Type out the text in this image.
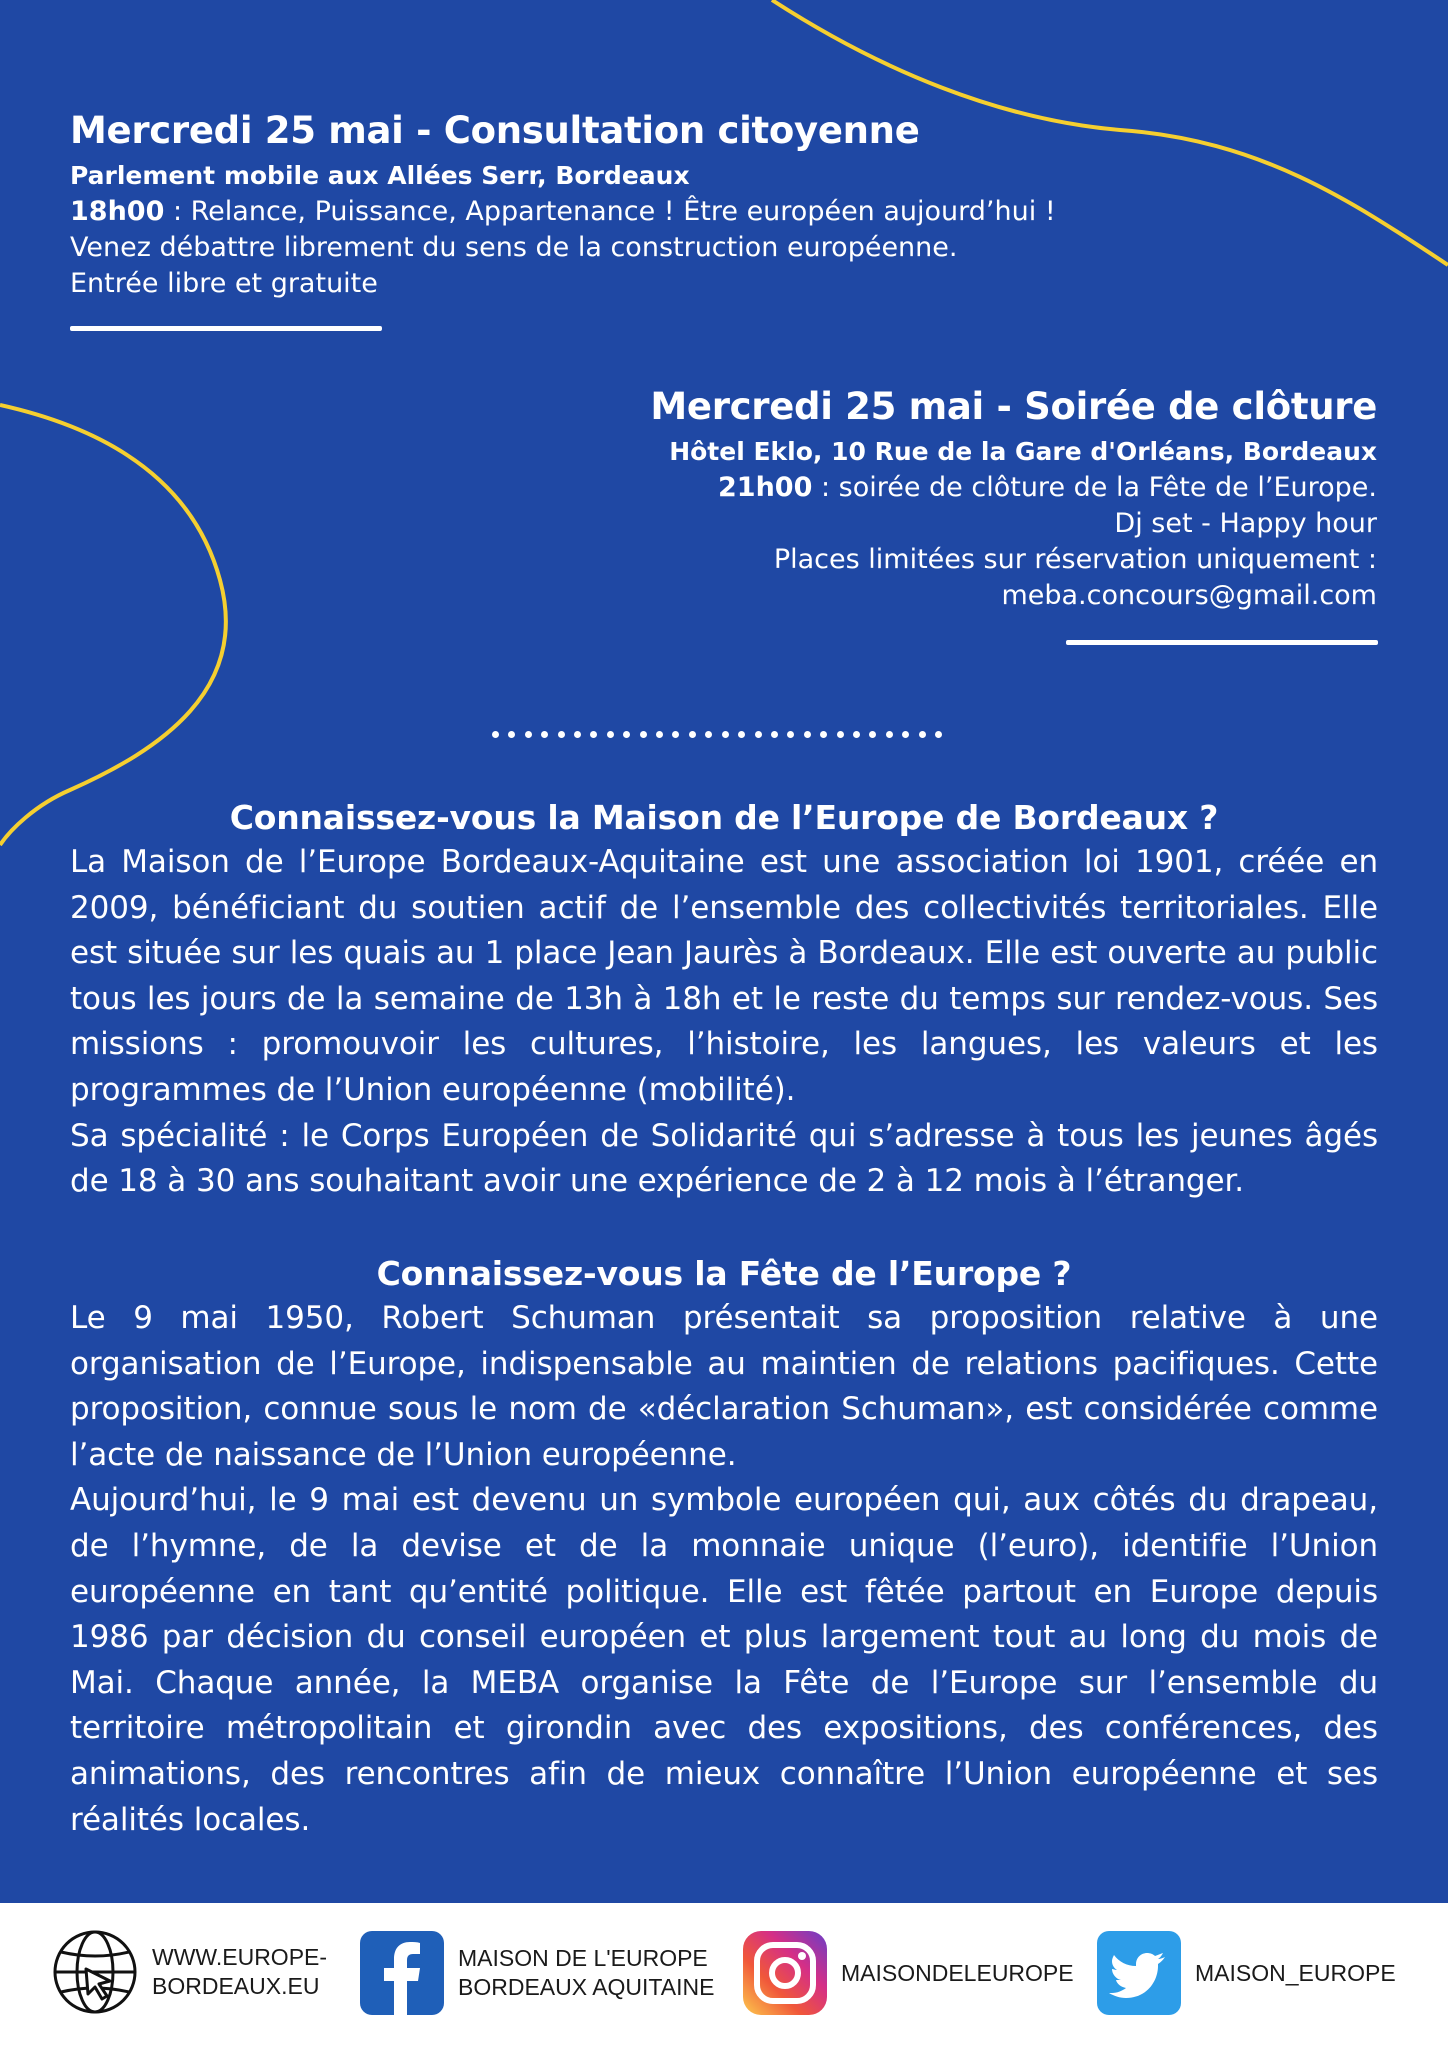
Mercredi 25 mai - Consultation citoyenne
Parlement mobile aux Allées Serr, Bordeaux
18h00 : Relance, Puissance, Appartenance ! Être européen aujourd’hui !
Venez débattre librement du sens de la construction européenne.
Entrée libre et gratuite
Mercredi 25 mai - Soirée de clôture
Hôtel Eklo, 10 Rue de la Gare d'Orléans, Bordeaux
21h00 : soirée de clôture de la Fête de l’Europe.
Dj set - Happy hour
Places limitées sur réservation uniquement :
meba.concours@gmail.com
Connaissez-vous la Maison de l’Europe de Bordeaux ?

La Maison de l’Europe Bordeaux-Aquitaine est une association loi 1901, créée en 2009, bénéficiant du soutien actif de l’ensemble des collectivités territoriales. Elle est située sur les quais au 1 place Jean Jaurès à Bordeaux. Elle est ouverte au public tous les jours de la semaine de 13h à 18h et le reste du temps sur rendez-vous. Ses missions : promouvoir les cultures, l’histoire, les langues, les valeurs et les programmes de l’Union européenne (mobilité).

Sa spécialité : le Corps Européen de Solidarité qui s’adresse à tous les jeunes âgés de 18 à 30 ans souhaitant avoir une expérience de 2 à 12 mois à l’étranger.

Connaissez-vous la Fête de l’Europe ?

Le 9 mai 1950, Robert Schuman présentait sa proposition relative à une organisation de l’Europe, indispensable au maintien de relations pacifiques. Cette proposition, connue sous le nom de «déclaration Schuman», est considérée comme l’acte de naissance de l’Union européenne.

Aujourd’hui, le 9 mai est devenu un symbole européen qui, aux côtés du drapeau, de l’hymne, de la devise et de la monnaie unique (l’euro), identifie l’Union européenne en tant qu’entité politique. Elle est fêtée partout en Europe depuis 1986 par décision du conseil européen et plus largement tout au long du mois de Mai. Chaque année, la MEBA organise la Fête de l’Europe sur l’ensemble du territoire métropolitain et girondin avec des expositions, des conférences, des animations, des rencontres afin de mieux connaître l’Union européenne et ses réalités locales.

WWW.EUROPE-
BORDEAUX.EU
MAISON DE L'EUROPE
BORDEAUX AQUITAINE
MAISONDELEUROPE	MAISON_EUROPE
